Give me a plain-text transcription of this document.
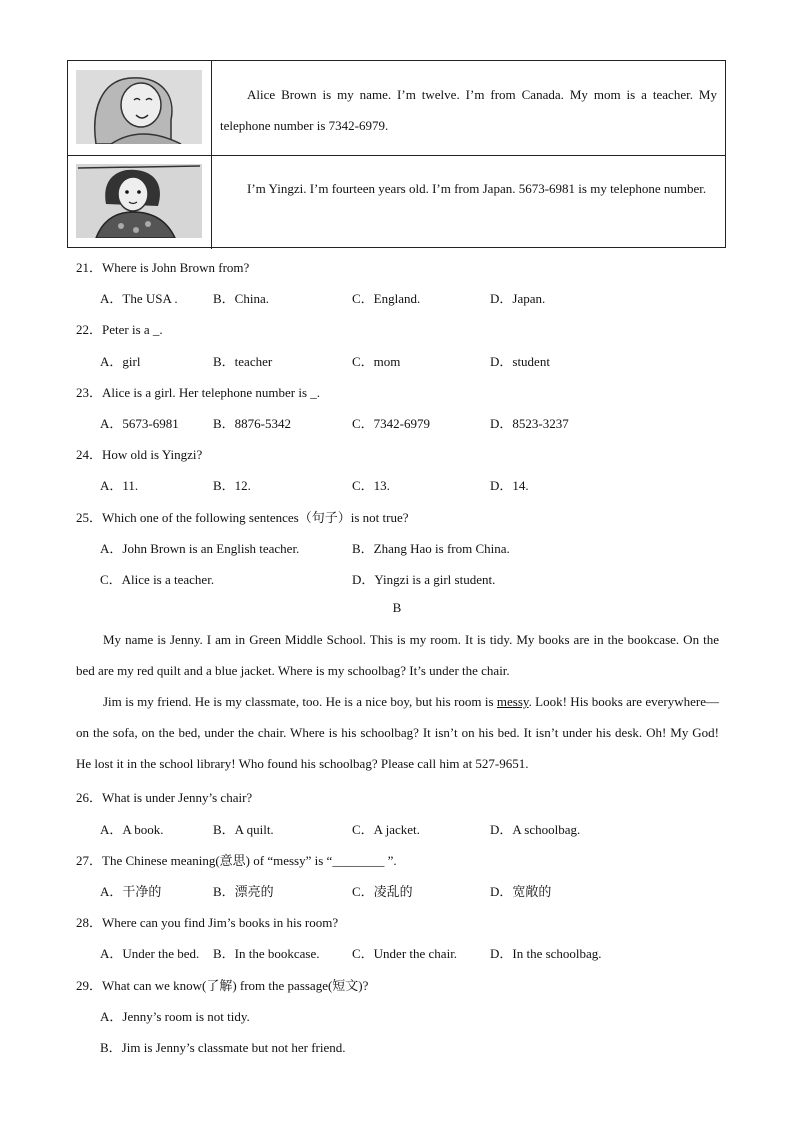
Alice Brown is my name. I’m twelve. I’m from Canada. My mom is a teacher. My telephone number is 7342-6979.
I’m Yingzi. I’m fourteen years old. I’m from Japan. 5673-6981 is my telephone number.
21．Where is John Brown from?
A．The USA .	B．China.	C．England.	D．Japan.
22．Peter is a _.
A．girl	B．teacher	C．mom	D．student
23．Alice is a girl. Her telephone number is _.
A．5673-6981	B．8876-5342	C．7342-6979	D．8523-3237
24．How old is Yingzi?
A．11.	B．12.	C．13.	D．14.
25．Which one of the following sentences（句子）is not true?
A．John Brown is an English teacher.	B．Zhang Hao is from China.
C．Alice is a teacher.	D．Yingzi is a girl student.
B
My name is Jenny. I am in Green Middle School. This is my room. It is tidy. My books are in the bookcase. On the bed are my red quilt and a blue jacket. Where is my schoolbag? It’s under the chair.
Jim is my friend. He is my classmate, too. He is a nice boy, but his room is messy. Look! His books are everywhere—on the sofa, on the bed, under the chair. Where is his schoolbag? It isn’t on his bed. It isn’t under his desk. Oh! My God! He lost it in the school library! Who found his schoolbag? Please call him at 527-9651.
26．What is under Jenny’s chair?
A．A book.	B．A quilt.	C．A jacket.	D．A schoolbag.
27．The Chinese meaning(意思) of “messy” is “________ ”.
A．干净的	B．漂亮的	C．凌乱的	D．宽敞的
28．Where can you find Jim’s books in his room?
A．Under the bed. B．In the bookcase. C．Under the chair.	D．In the schoolbag.
29．What can we know(了解) from the passage(短文)?
A．Jenny’s room is not tidy.
B．Jim is Jenny’s classmate but not her friend.
